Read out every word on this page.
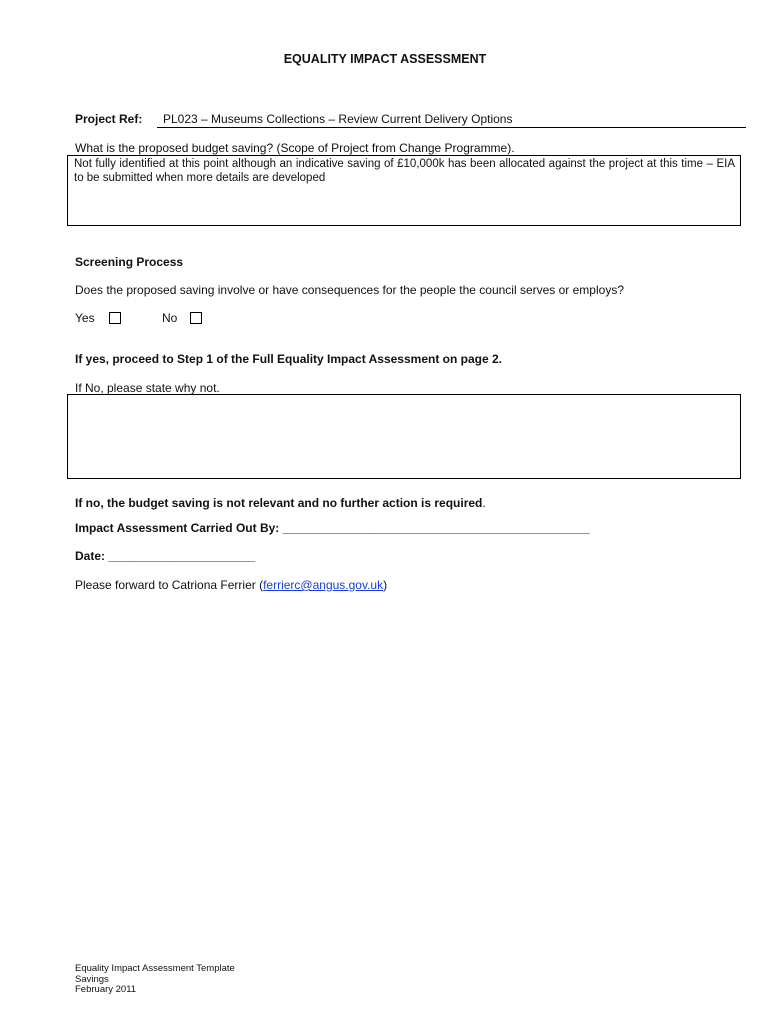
EQUALITY IMPACT ASSESSMENT
Project Ref:	PL023 – Museums Collections – Review Current Delivery Options
What is the proposed budget saving? (Scope of Project from Change Programme).
Not fully identified at this point although an indicative saving of £10,000k has been allocated against the project at this time – EIA to be submitted when more details are developed
Screening Process
Does the proposed saving involve or have consequences for the people the council serves or employs?
Yes	No
If yes, proceed to Step 1 of the Full Equality Impact Assessment on page 2.
If No, please state why not.
If no, the budget saving is not relevant and no further action is required.
Impact Assessment Carried Out By: ______________________________________________
Date: ______________________
Please forward to Catriona Ferrier (ferrierc@angus.gov.uk)
Equality Impact Assessment Template
Savings
February 2011
